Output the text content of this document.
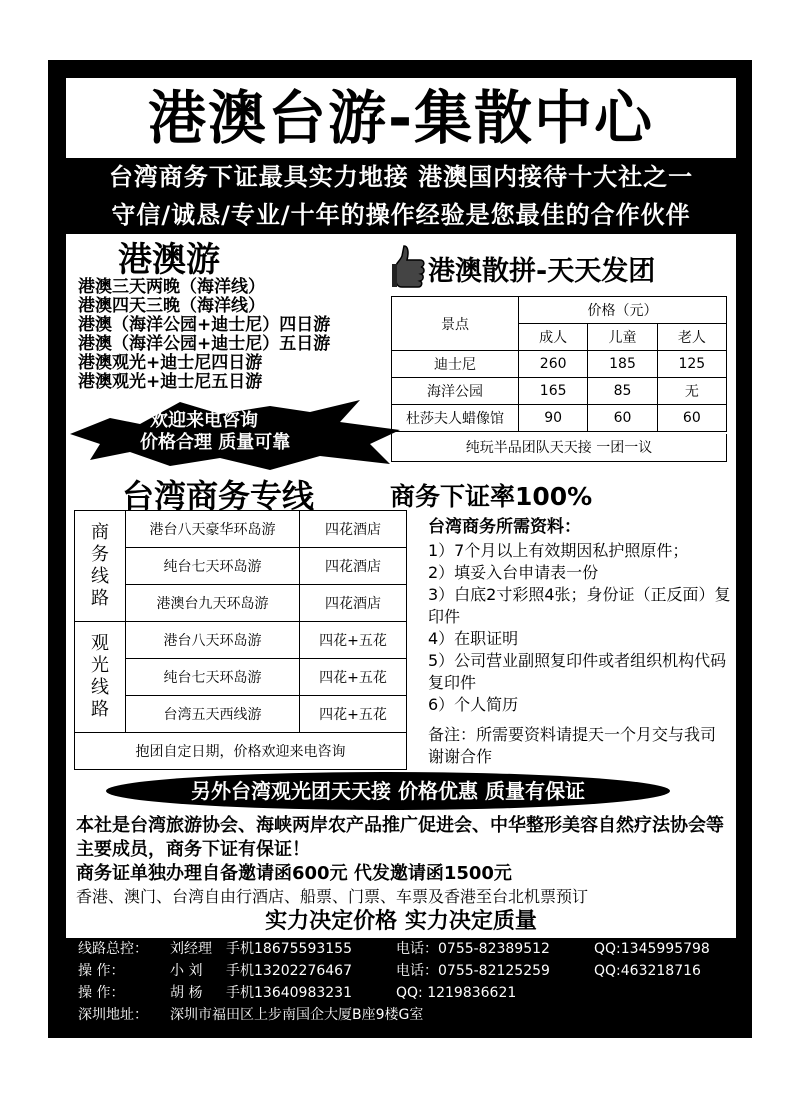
港澳台游-集散中心
台湾商务下证最具实力地接 港澳国内接待十大社之一
守信/诚恳/专业/十年的操作经验是您最佳的合作伙伴
港澳游
港澳三天两晚（海洋线）
港澳四天三晚（海洋线）
港澳（海洋公园+迪士尼）四日游
港澳（海洋公园+迪士尼）五日游
港澳观光+迪士尼四日游
港澳观光+迪士尼五日游
欢迎来电咨询
价格合理 质量可靠
港澳散拼-天天发团
景点	价格（元）		
	成人	儿童	老人
迪士尼	260	185	125
海洋公园	165	85	无
杜莎夫人蜡像馆	90	60	60
纯玩半品团队天天接 一团一议
台湾商务专线	商务下证率100%
商务线路	港台八天豪华环岛游	四花酒店
	纯台七天环岛游	四花酒店
	港澳台九天环岛游	四花酒店

观光线路	港台八天环岛游	四花+五花
	纯台七天环岛游	四花+五花
	台湾五天西线游	四花+五花
抱团自定日期，价格欢迎来电咨询		
台湾商务所需资料：
1）7个月以上有效期因私护照原件；
2）填妥入台申请表一份
3）白底2寸彩照4张；身份证（正反面）复印件
4）在职证明
5）公司营业副照复印件或者组织机构代码复印件
6）个人简历
备注：所需要资料请提天一个月交与我司 谢谢合作
另外台湾观光团天天接 价格优惠 质量有保证
本社是台湾旅游协会、海峡两岸农产品推广促进会、中华整形美容自然疗法协会等主要成员，商务下证有保证！
商务证单独办理自备邀请函600元 代发邀请函1500元
香港、澳门、台湾自由行酒店、船票、门票、车票及香港至台北机票预订
实力决定价格 实力决定质量
线路总控： 刘经理 手机18675593155	电话：0755-82389512	QQ:1345995798
操 作：	小 刘 手机13202276467	电话：0755-82125259	QQ:463218716
操 作：	胡 杨 手机13640983231	QQ: 1219836621
深圳地址： 深圳市福田区上步南国企大厦B座9楼G室
